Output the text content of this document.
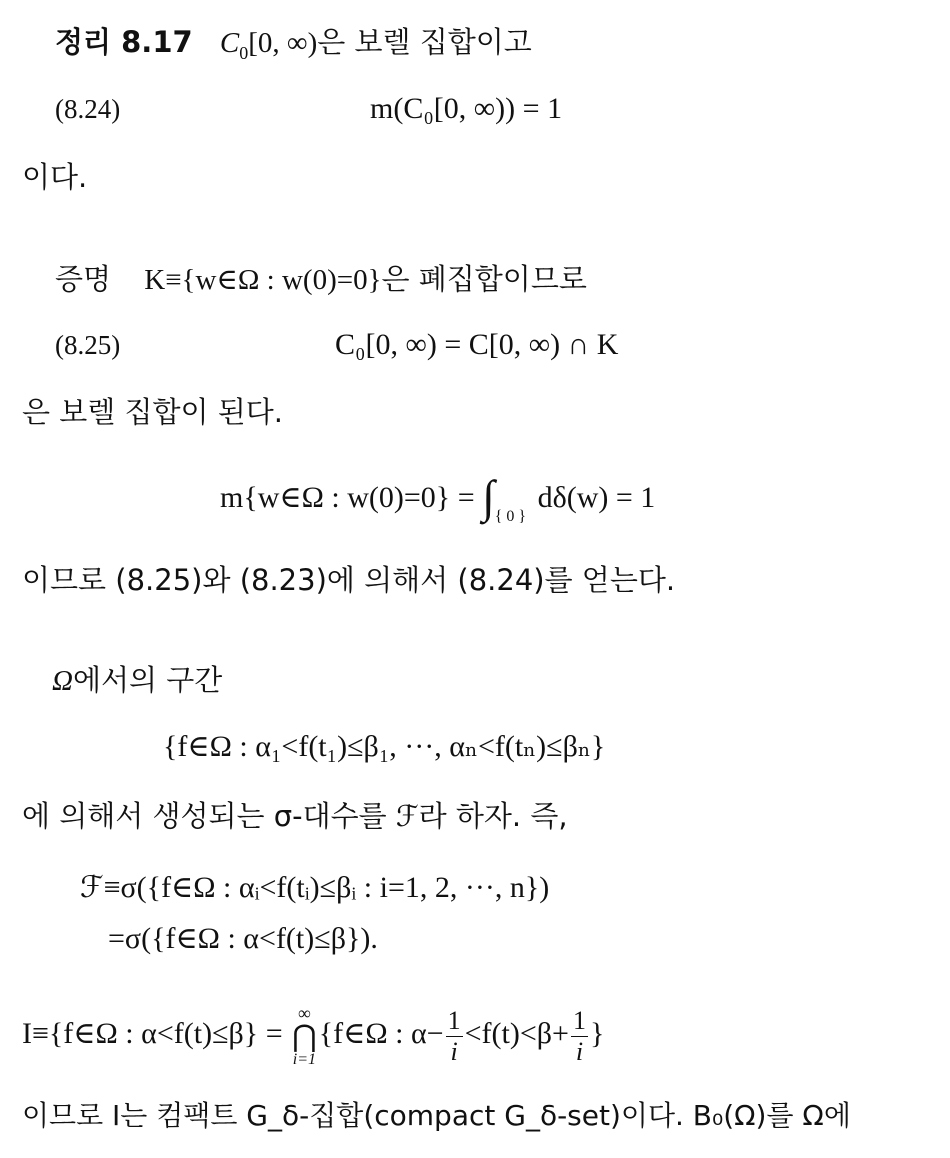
정리 8.17 $C_0[0$, ∞)은 보렐 집합이고
(8.24)	m(C₀[0, ∞)) = 1
이다.
증명 K≡{w∈Ω : w(0)=0}은 폐집합이므로
(8.25)	C₀[0, ∞) = C[0, ∞) ∩ K
은 보렐 집합이 된다.
m{w∈Ω : $w(0)=0\} = \int_{\{ 0 \}}$ dδ(w) = 1
이므로 (8.25)와 (8.23)에 의해서 (8.24)를 얻는다.
Ω에서의 구간
{f∈Ω : α₁<f(t₁)≤β₁, ···, αₙ<f(tₙ)≤βₙ}
에 의해서 생성되는 σ-대수를 ℱ라 하자. 즉,
ℱ≡σ({f∈Ω : αᵢ<f(tᵢ)≤βᵢ : i=1, 2, ···, n})
=σ({f∈Ω : α<f(t)≤β}).
I≡{f∈Ω : α<f(t)≤β} =
∞
⋂
i=1
{f∈Ω : $\alpha- \frac{1}{i} <f(t)<\beta+ \frac{1}{i}$ }
이므로 I는 컴팩트 G_δ-집합(compact G_δ-set)이다. B₀(Ω)를 Ω에
